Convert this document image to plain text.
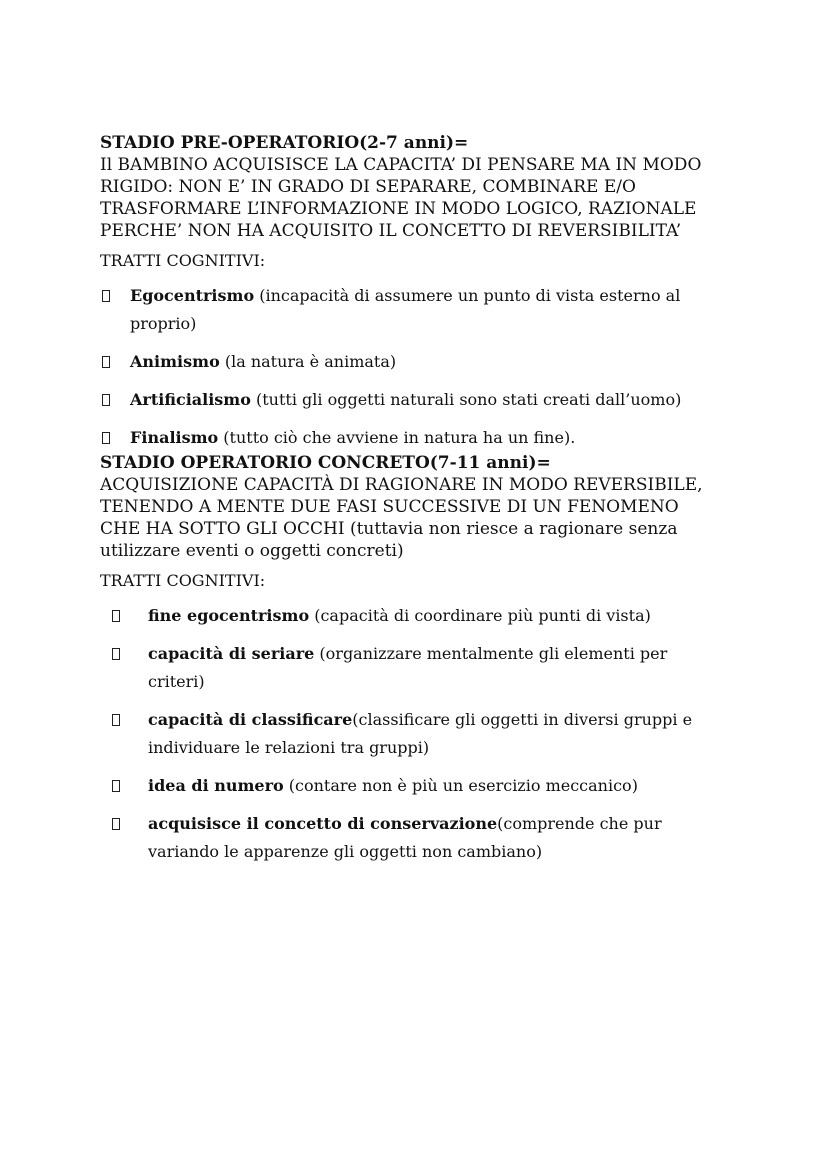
STADIO PRE-OPERATORIO(2-7 anni)=

Il BAMBINO ACQUISISCE LA CAPACITA’ DI PENSARE MA IN MODO
RIGIDO: NON E’ IN GRADO DI SEPARARE, COMBINARE E/O
TRASFORMARE L’INFORMAZIONE IN MODO LOGICO, RAZIONALE
PERCHE’ NON HA ACQUISITO IL CONCETTO DI REVERSIBILITA’

TRATTI COGNITIVI:

Egocentrismo (incapacità di assumere un punto di vista esterno al
proprio)
Animismo (la natura è animata)
Artificialismo (tutti gli oggetti naturali sono stati creati dall’uomo)
Finalismo (tutto ciò che avviene in natura ha un fine).

STADIO OPERATORIO CONCRETO(7-11 anni)=

ACQUISIZIONE CAPACITÀ DI RAGIONARE IN MODO REVERSIBILE,
TENENDO A MENTE DUE FASI SUCCESSIVE DI UN FENOMENO
CHE HA SOTTO GLI OCCHI (tuttavia non riesce a ragionare senza
utilizzare eventi o oggetti concreti)

TRATTI COGNITIVI:

fine egocentrismo (capacità di coordinare più punti di vista)
capacità di seriare (organizzare mentalmente gli elementi per
criteri)
capacità di classificare(classificare gli oggetti in diversi gruppi e
individuare le relazioni tra gruppi)
idea di numero (contare non è più un esercizio meccanico)
acquisisce il concetto di conservazione(comprende che pur
variando le apparenze gli oggetti non cambiano)
